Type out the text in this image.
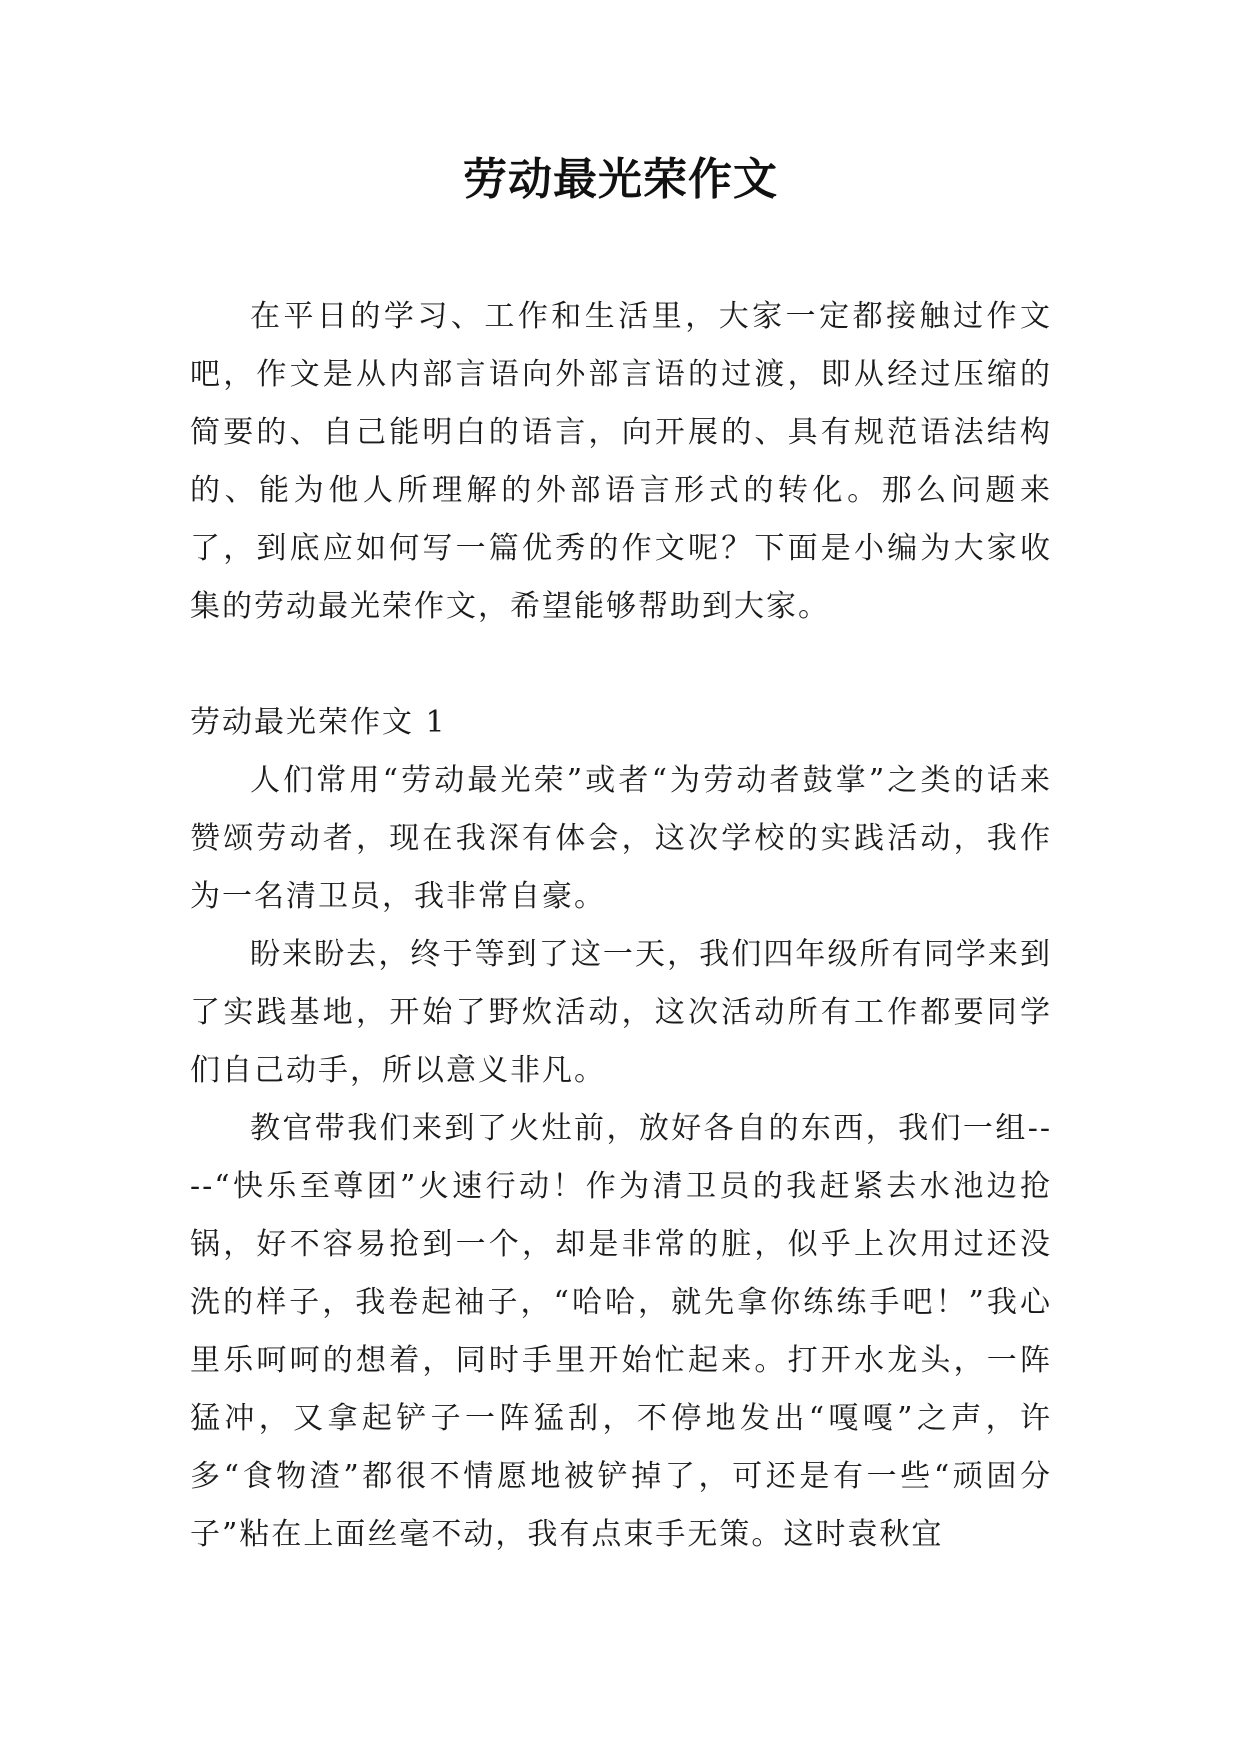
劳动最光荣作文

在平日的学习、工作和生活里，大家一定都接触过作文吧，作文是从内部言语向外部言语的过渡，即从经过压缩的简要的、自己能明白的语言，向开展的、具有规范语法结构的、能为他人所理解的外部语言形式的转化。那么问题来了，到底应如何写一篇优秀的作文呢？下面是小编为大家收集的劳动最光荣作文，希望能够帮助到大家。

劳动最光荣作文 1

人们常用“劳动最光荣”或者“为劳动者鼓掌”之类的话来赞颂劳动者，现在我深有体会，这次学校的实践活动，我作为一名清卫员，我非常自豪。

盼来盼去，终于等到了这一天，我们四年级所有同学来到了实践基地，开始了野炊活动，这次活动所有工作都要同学们自己动手，所以意义非凡。

教官带我们来到了火灶前，放好各自的东西，我们一组----“快乐至尊团”火速行动！作为清卫员的我赶紧去水池边抢锅，好不容易抢到一个，却是非常的脏，似乎上次用过还没洗的样子，我卷起袖子，“哈哈，就先拿你练练手吧！”我心里乐呵呵的想着，同时手里开始忙起来。打开水龙头，一阵猛冲，又拿起铲子一阵猛刮，不停地发出“嘎嘎”之声，许多“食物渣”都很不情愿地被铲掉了，可还是有一些“顽固分子”粘在上面丝毫不动，我有点束手无策。这时袁秋宜
